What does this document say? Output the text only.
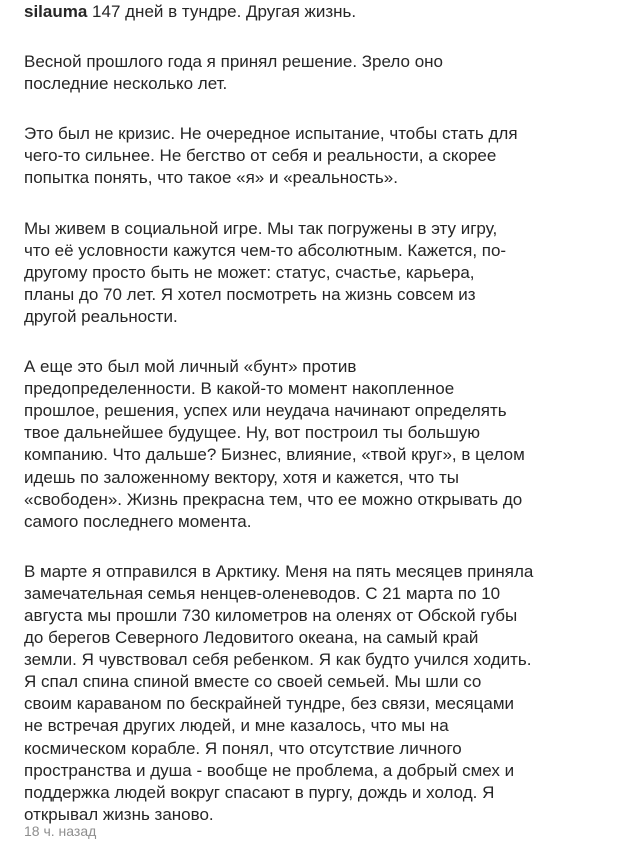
silauma 147 дней в тундре. Другая жизнь.

Весной прошлого года я принял решение. Зрело оно
последние несколько лет.

Это был не кризис. Не очередное испытание, чтобы стать для
чего-то сильнее. Не бегство от себя и реальности, а скорее
попытка понять, что такое «я» и «реальность».

Мы живем в социальной игре. Мы так погружены в эту игру,
что её условности кажутся чем-то абсолютным. Кажется, по-
другому просто быть не может: статус, счастье, карьера,
планы до 70 лет. Я хотел посмотреть на жизнь совсем из
другой реальности.

А еще это был мой личный «бунт» против
предопределенности. В какой-то момент накопленное
прошлое, решения, успех или неудача начинают определять
твое дальнейшее будущее. Ну, вот построил ты большую
компанию. Что дальше? Бизнес, влияние, «твой круг», в целом
идешь по заложенному вектору, хотя и кажется, что ты
«свободен». Жизнь прекрасна тем, что ее можно открывать до
самого последнего момента.

В марте я отправился в Арктику. Меня на пять месяцев приняла
замечательная семья ненцев-оленеводов. С 21 марта по 10
августа мы прошли 730 километров на оленях от Обской губы
до берегов Северного Ледовитого океана, на самый край
земли. Я чувствовал себя ребенком. Я как будто учился ходить.
Я спал спина спиной вместе со своей семьей. Мы шли со
своим караваном по бескрайней тундре, без связи, месяцами
не встречая других людей, и мне казалось, что мы на
космическом корабле. Я понял, что отсутствие личного
пространства и душа - вообще не проблема, а добрый смех и
поддержка людей вокруг спасают в пургу, дождь и холод. Я
открывал жизнь заново.

18 ч. назад
